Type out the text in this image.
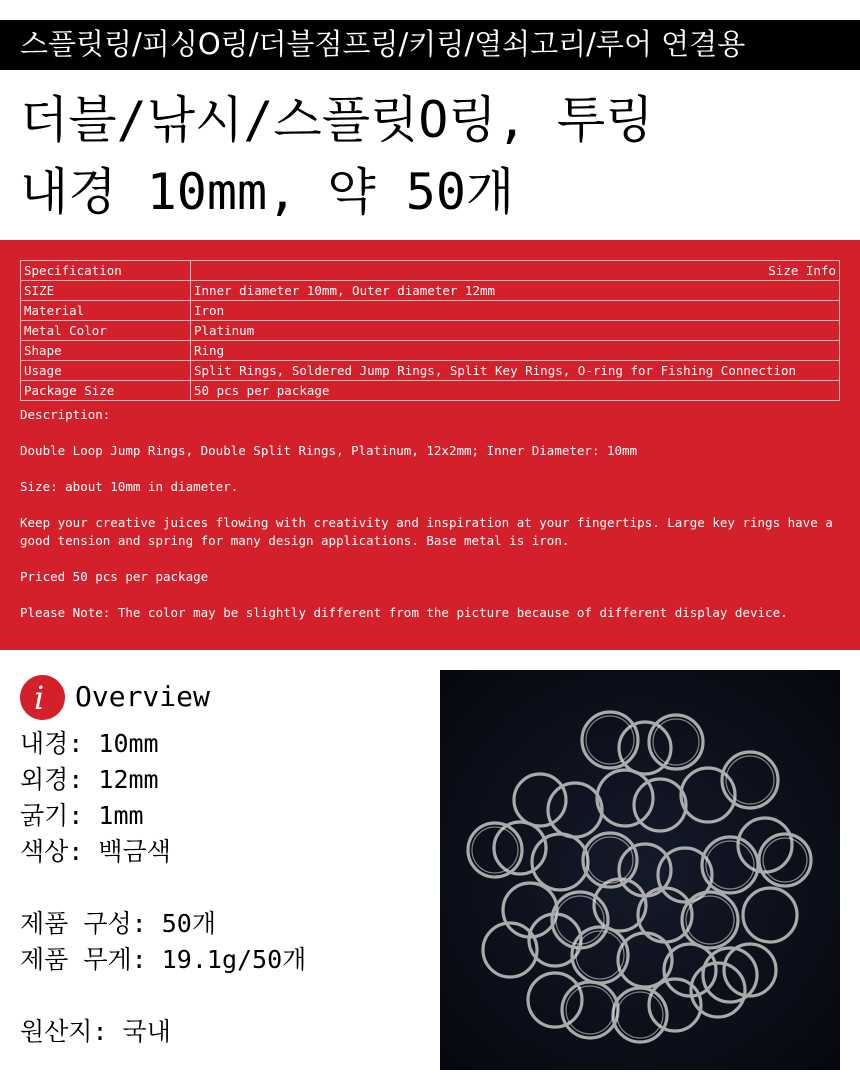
스플릿링/피싱O링/더블점프링/키링/열쇠고리/루어 연결용
더블/낚시/스플릿O링, 투링
내경 10mm, 약 50개
Specification	Size Info
SIZE	Inner diameter 10mm, Outer diameter 12mm
Material	Iron
Metal Color	Platinum
Shape	Ring
Usage	Split Rings, Soldered Jump Rings, Split Key Rings, O-ring for Fishing Connection
Package Size	50 pcs per package

Description:

Double Loop Jump Rings, Double Split Rings, Platinum, 12x2mm; Inner Diameter: 10mm

Size: about 10mm in diameter.

Keep your creative juices flowing with creativity and inspiration at your fingertips. Large key rings have a good tension and spring for many design applications. Base metal is iron.

Priced 50 pcs per package

Please Note: The color may be slightly different from the picture because of different display device.

i Overview
내경: 10mm
외경: 12mm
굵기: 1mm
색상: 백금색
제품 구성: 50개
제품 무게: 19.1g/50개
원산지: 국내
